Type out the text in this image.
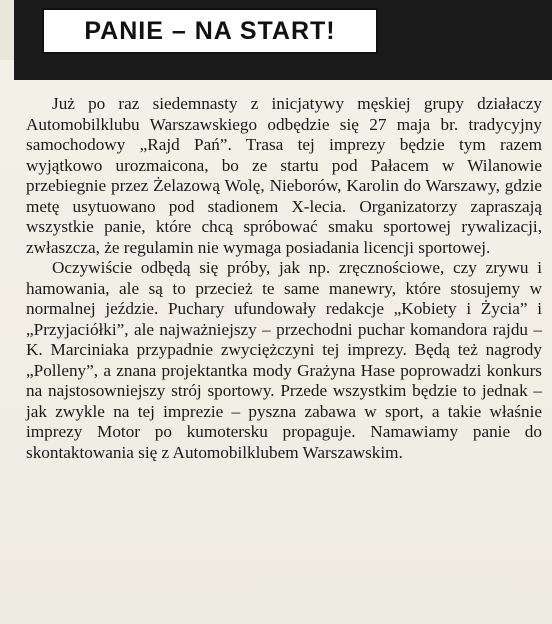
PANIE – NA START!

Już po raz siedemnasty z inicjatywy męskiej grupy działaczy Automobilklubu Warszawskiego odbędzie się 27 maja br. tradycyjny samochodowy „Rajd Pań”. Trasa tej imprezy będzie tym razem wyjątkowo urozmaicona, bo ze startu pod Pałacem w Wilanowie przebiegnie przez Żelazową Wolę, Nieborów, Karolin do Warszawy, gdzie metę usytuowano pod stadionem X-lecia. Organizatorzy zapraszają wszystkie panie, które chcą spróbować smaku sportowej rywalizacji, zwłaszcza, że regulamin nie wymaga posiadania licencji sportowej.

Oczywiście odbędą się próby, jak np. zręcznościowe, czy zrywu i hamowania, ale są to przecież te same manewry, które stosujemy w normalnej jeździe. Puchary ufundowały redakcje „Kobiety i Życia” i „Przyjaciółki”, ale najważniejszy – przechodni puchar komandora rajdu – K. Marciniaka przypadnie zwyciężczyni tej imprezy. Będą też nagrody „Polleny”, a znana projektantka mody Grażyna Hase poprowadzi konkurs na najstosowniejszy strój sportowy. Przede wszystkim będzie to jednak – jak zwykle na tej imprezie – pyszna zabawa w sport, a takie właśnie imprezy Motor po kumotersku propaguje. Namawiamy panie do skontaktowania się z Automobilklubem Warszawskim.
